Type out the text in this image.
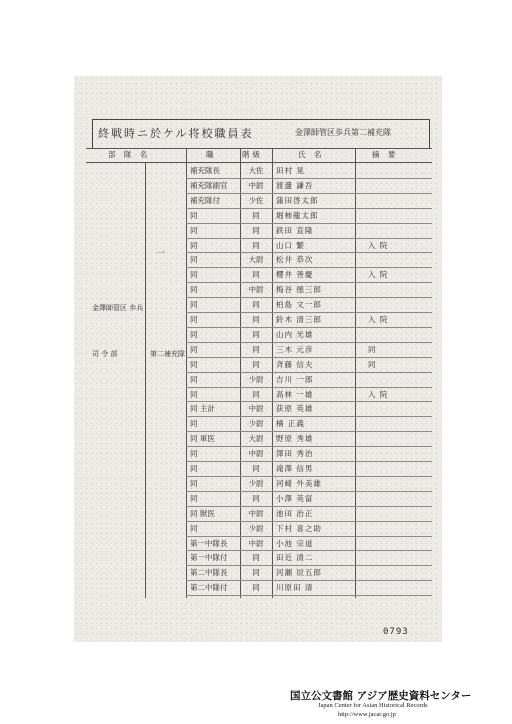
終戦時ニ於ケル将校職員表	金澤師管区歩兵第二補充隊
部 隊 名	職	階級	氏 名	摘 要
一
金澤師管区 歩兵
司 令 部	第二補充隊
補充隊長	大佐	田村 晃
補充隊副官	中尉	渡邊 謙吾
補充隊付	少佐	蒲田啓太郎
同	同	堀柿龍太郎
同	同	鉄田 直隆
同	同	山口 繁	入 院
同	大尉	松井 恭次
同	同	櫻井 善慶	入 院
同	中尉	梅谷 徳三郎
同	同	柏島 文一郎
同	同	鈴木 清三郎	入 院
同	同	山内 光雄
同	同	三木 元彦	同
同	同	斉藤 信夫	同
同	少尉	吉川 一郎
同	同	高林 一雄	入 院
同 主計	中尉	荻原 英雄
同	少尉	楠 正義
同 軍医	大尉	野原 秀雄
同	中尉	澤田 秀治
同	同	滝澤 信男
同	少尉	河崎 外美雄
同	同	小澤 英富
同 獣医	中尉	池田 治正
同	少尉	下村 喜之助
第一中隊長	中尉	小池 宗道
第一中隊付	同	田近 清二
第二中隊長	同	河瀬 辰五郎
第二中隊付	同	川原田 清
0793
国立公文書館 アジア歴史資料センター
Japan Center for Asian Historical Records
http://www.jacar.go.jp
